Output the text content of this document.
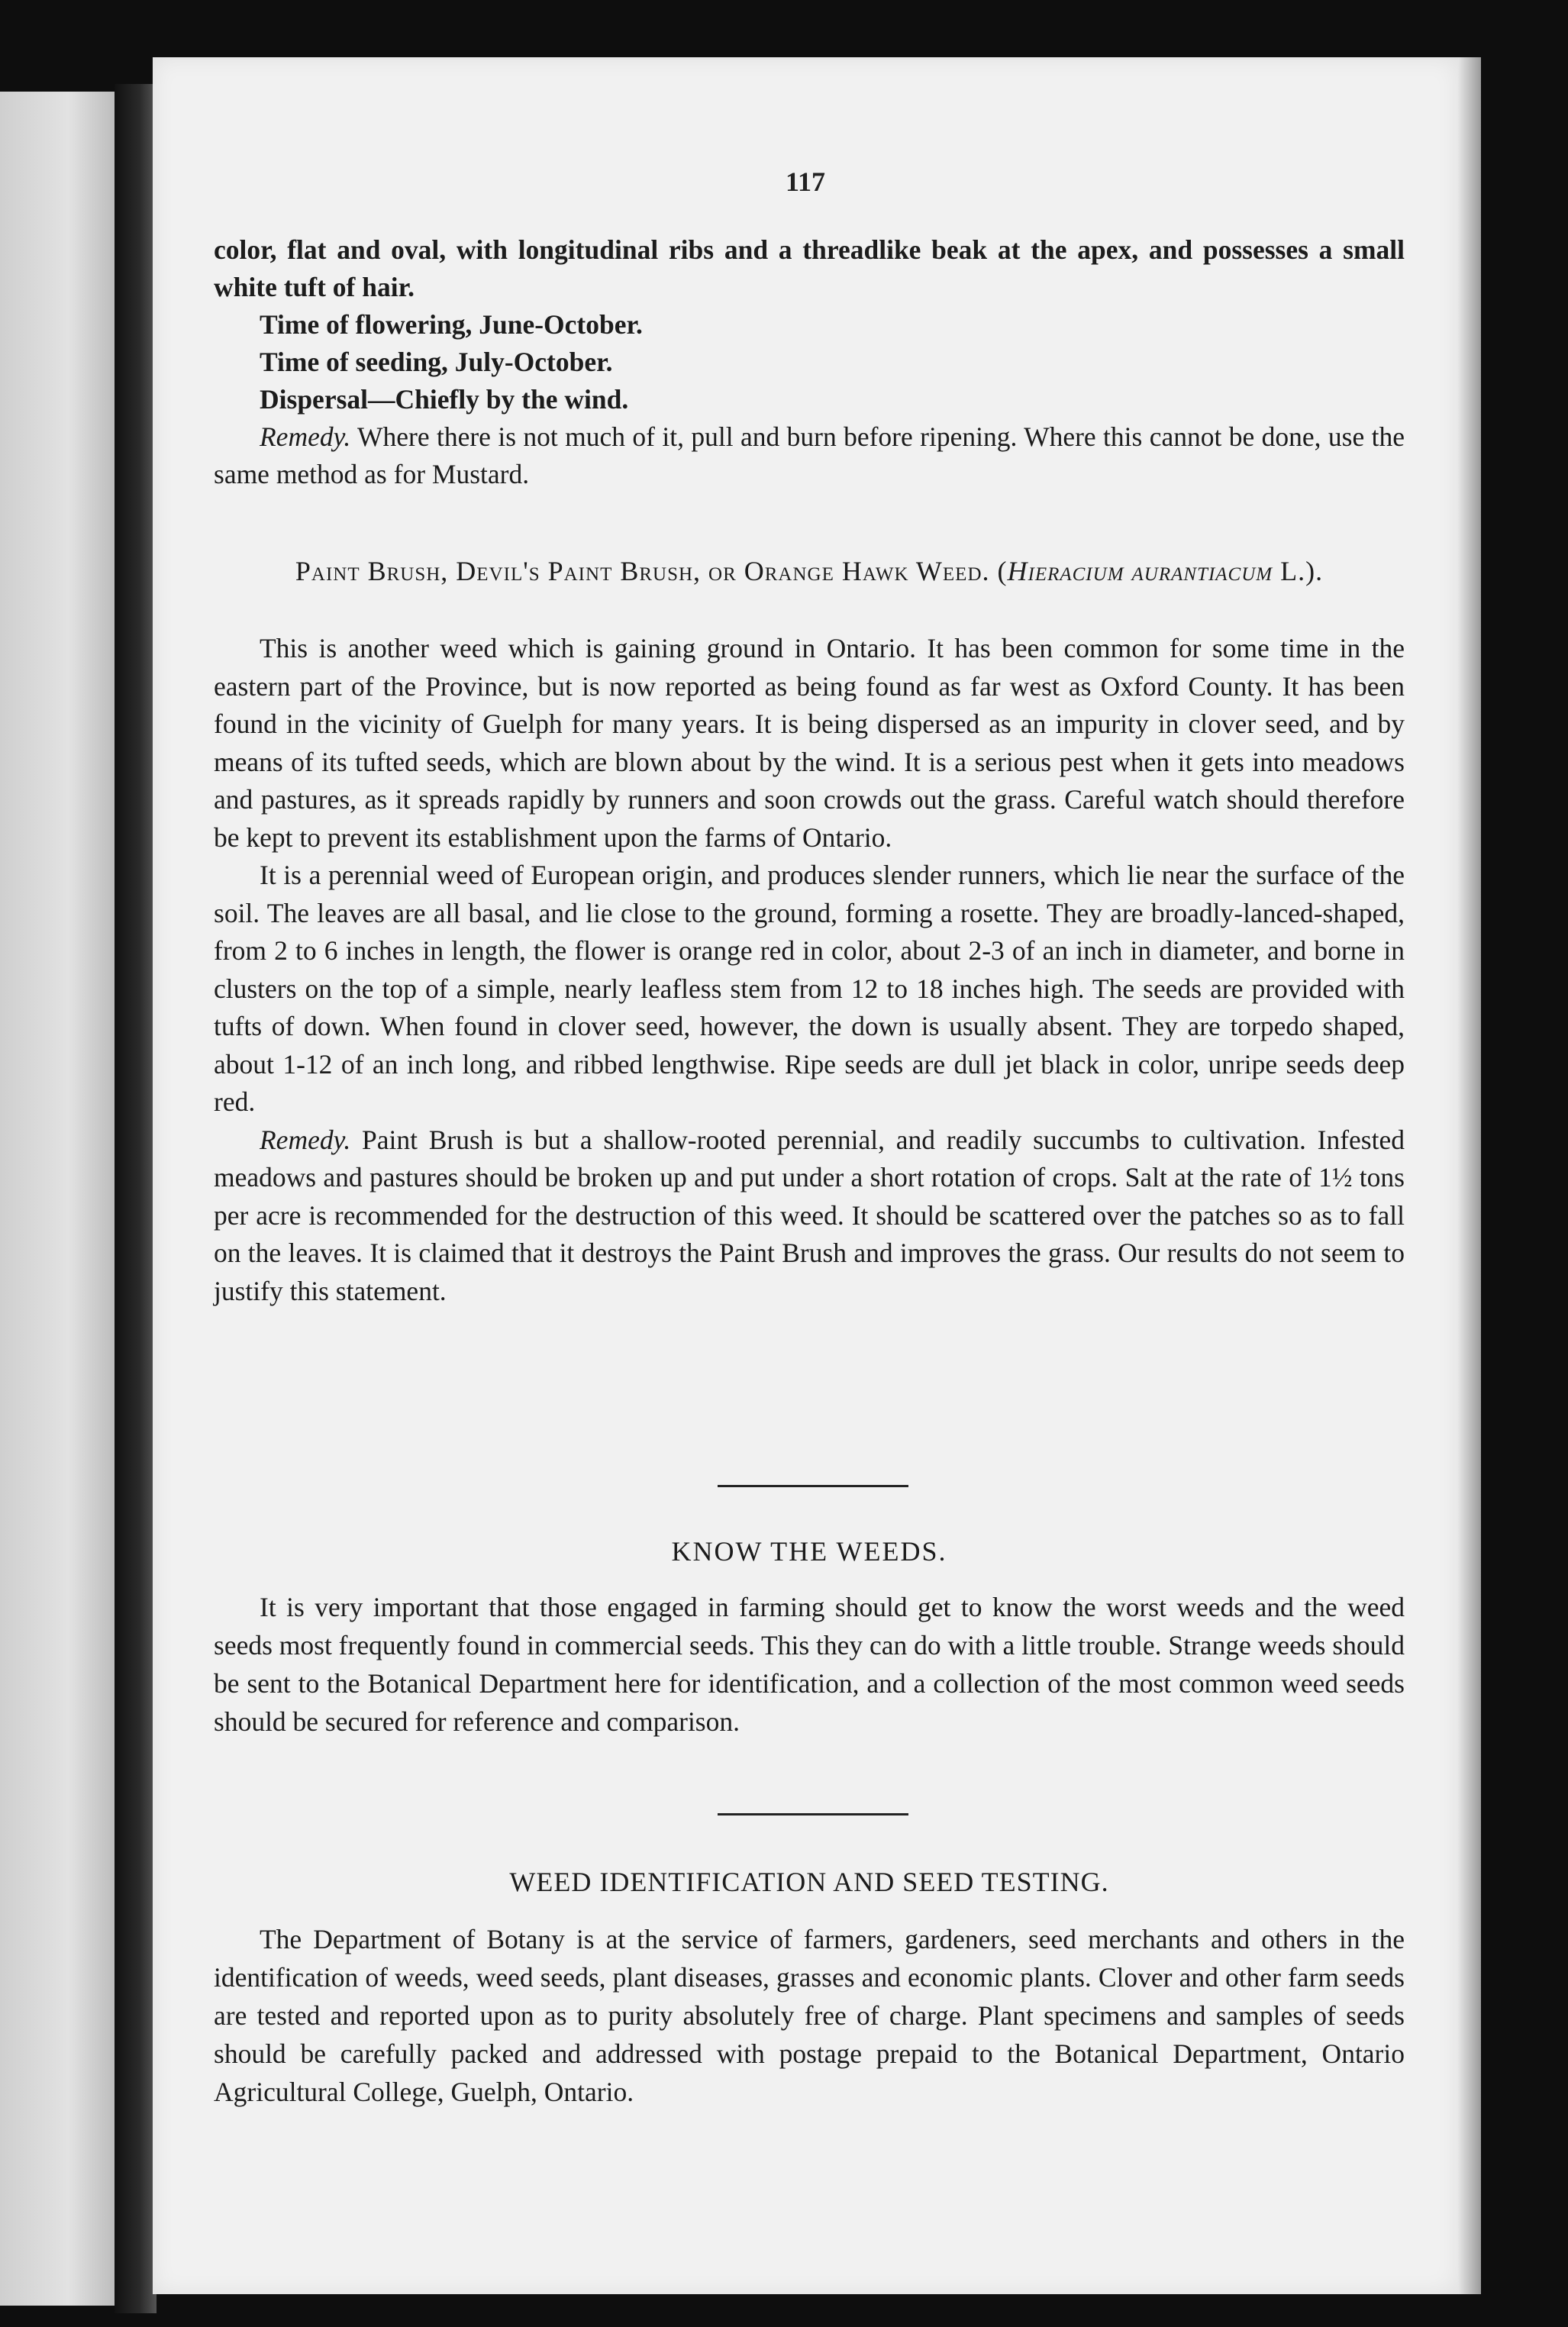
117

color, flat and oval, with longitudinal ribs and a threadlike beak at the apex, and possesses a small white tuft of hair.

Time of flowering, June-October.

Time of seeding, July-October.

Dispersal—Chiefly by the wind.

Remedy. Where there is not much of it, pull and burn before ripening. Where this cannot be done, use the same method as for Mustard.

Paint Brush, Devil's Paint Brush, or Orange Hawk Weed. (Hieracium aurantiacum L.).

This is another weed which is gaining ground in Ontario. It has been common for some time in the eastern part of the Province, but is now reported as being found as far west as Oxford County. It has been found in the vicinity of Guelph for many years. It is being dispersed as an impurity in clover seed, and by means of its tufted seeds, which are blown about by the wind. It is a serious pest when it gets into meadows and pastures, as it spreads rapidly by runners and soon crowds out the grass. Careful watch should therefore be kept to prevent its establishment upon the farms of Ontario.

It is a perennial weed of European origin, and produces slender runners, which lie near the surface of the soil. The leaves are all basal, and lie close to the ground, forming a rosette. They are broadly-lanced-shaped, from 2 to 6 inches in length, the flower is orange red in color, about 2-3 of an inch in diameter, and borne in clusters on the top of a simple, nearly leafless stem from 12 to 18 inches high. The seeds are provided with tufts of down. When found in clover seed, however, the down is usually absent. They are torpedo shaped, about 1-12 of an inch long, and ribbed lengthwise. Ripe seeds are dull jet black in color, unripe seeds deep red.

Remedy. Paint Brush is but a shallow-rooted perennial, and readily succumbs to cultivation. Infested meadows and pastures should be broken up and put under a short rotation of crops. Salt at the rate of 1½ tons per acre is recommended for the destruction of this weed. It should be scattered over the patches so as to fall on the leaves. It is claimed that it destroys the Paint Brush and improves the grass. Our results do not seem to justify this statement.

KNOW THE WEEDS.

It is very important that those engaged in farming should get to know the worst weeds and the weed seeds most frequently found in commercial seeds. This they can do with a little trouble. Strange weeds should be sent to the Botanical Department here for identification, and a collection of the most common weed seeds should be secured for reference and comparison.

WEED IDENTIFICATION AND SEED TESTING.

The Department of Botany is at the service of farmers, gardeners, seed merchants and others in the identification of weeds, weed seeds, plant diseases, grasses and economic plants. Clover and other farm seeds are tested and reported upon as to purity absolutely free of charge. Plant specimens and samples of seeds should be carefully packed and addressed with postage prepaid to the Botanical Department, Ontario Agricultural College, Guelph, Ontario.
